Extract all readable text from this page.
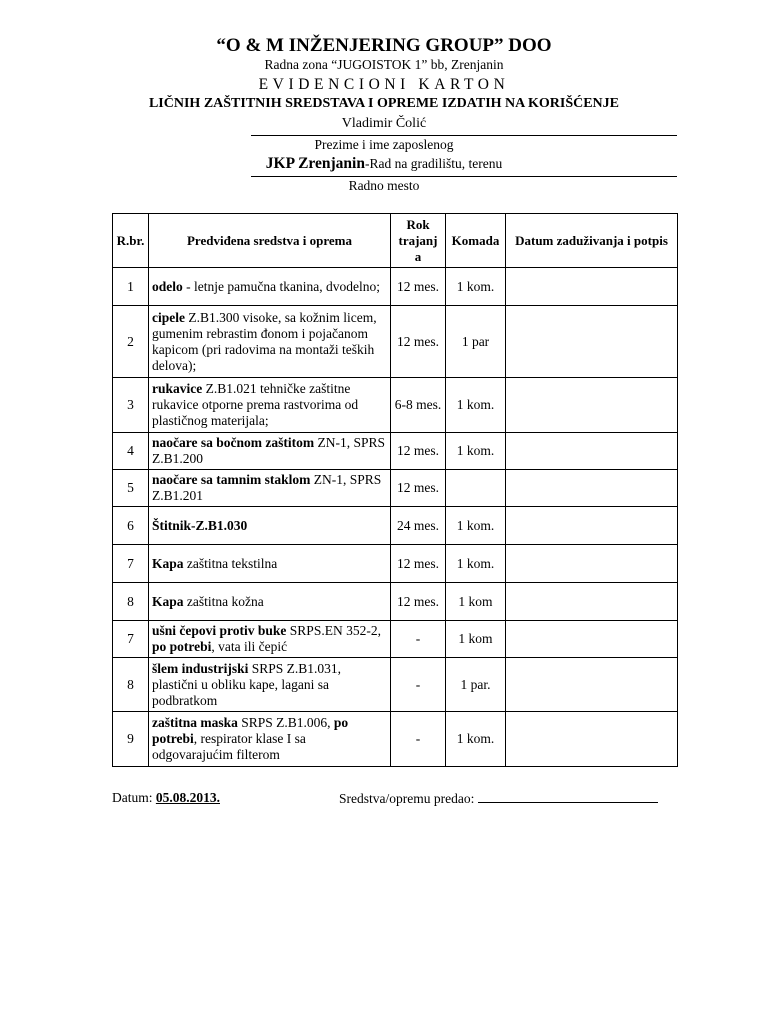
“O & M INŽENJERING GROUP” DOO
Radna zona “JUGOISTOK 1” bb, Zrenjanin
EVIDENCIONI KARTON
LIČNIH ZAŠTITNIH SREDSTAVA I OPREME IZDATIH NA KORIŠĆENJE
Vladimir Čolić
Prezime i ime zaposlenog
JKP Zrenjanin-Rad na gradilištu, terenu
Radno mesto
R.br.	Predviđena sredstva i oprema	Rok trajanj a	Komada	Datum zaduživanja i potpis
1	odelo - letnje pamučna tkanina, dvodelno;	12 mes.	1 kom.	
2	cipele Z.B1.300 visoke, sa kožnim licem, gumenim rebrastim đonom i pojačanom kapicom (pri radovima na montaži teških delova);	12 mes.	1 par	
3	rukavice Z.B1.021 tehničke zaštitne rukavice otporne prema rastvorima od plastičnog materijala;	6-8 mes.	1 kom.	
4	naočare sa bočnom zaštitom ZN-1, SPRS Z.B1.200	12 mes.	1 kom.	
5	naočare sa tamnim staklom ZN-1, SPRS Z.B1.201	12 mes.		
6	Štitnik-Z.B1.030	24 mes.	1 kom.	
7	Kapa zaštitna tekstilna	12 mes.	1 kom.	
8	Kapa zaštitna kožna	12 mes.	1 kom	
7	ušni čepovi protiv buke SRPS.EN 352-2, po potrebi, vata ili čepić	-	1 kom	
8	šlem industrijski SRPS Z.B1.031, plastični u obliku kape, lagani sa podbratkom	-	1 par.	
9	zaštitna maska SRPS Z.B1.006, po potrebi, respirator klase I sa odgovarajućim filterom	-	1 kom.	
Datum: 05.08.2013.	Sredstva/opremu predao:
